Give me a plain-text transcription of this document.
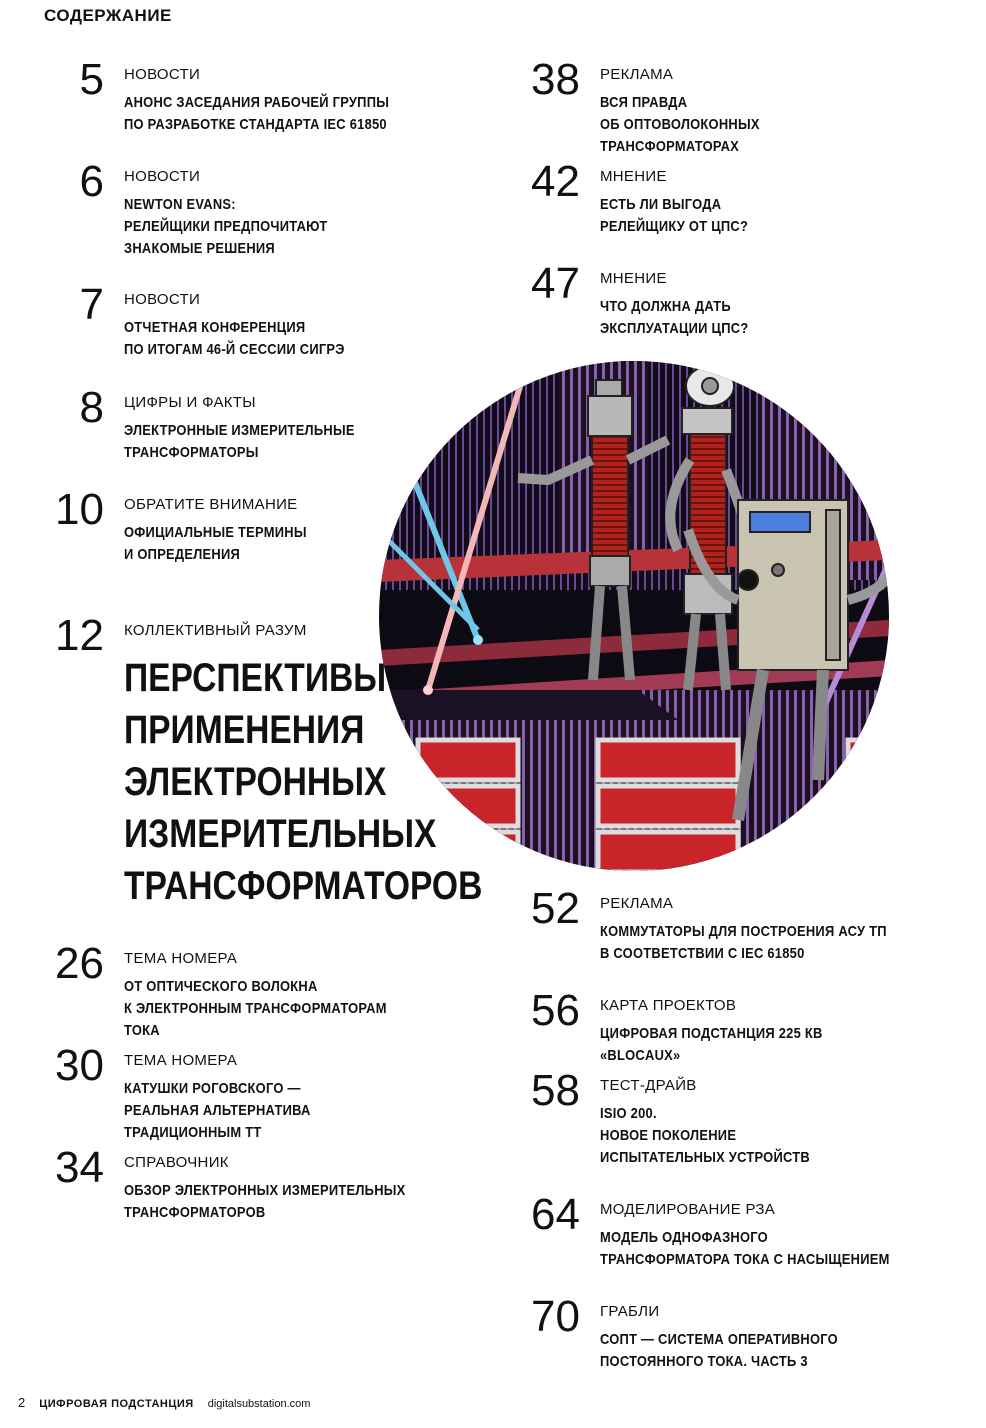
СОДЕРЖАНИЕ
5 НОВОСТИ
АНОНС ЗАСЕДАНИЯ РАБОЧЕЙ ГРУППЫ
ПО РАЗРАБОТКЕ СТАНДАРТА IEC 61850
6 НОВОСТИ
NEWTON EVANS:
РЕЛЕЙЩИКИ ПРЕДПОЧИТАЮТ
ЗНАКОМЫЕ РЕШЕНИЯ
7 НОВОСТИ
ОТЧЕТНАЯ КОНФЕРЕНЦИЯ
ПО ИТОГАМ 46-Й СЕССИИ СИГРЭ
8 ЦИФРЫ И ФАКТЫ
ЭЛЕКТРОННЫЕ ИЗМЕРИТЕЛЬНЫЕ
ТРАНСФОРМАТОРЫ
10 ОБРАТИТЕ ВНИМАНИЕ
ОФИЦИАЛЬНЫЕ ТЕРМИНЫ
И ОПРЕДЕЛЕНИЯ
12 КОЛЛЕКТИВНЫЙ РАЗУМ
ПЕРСПЕКТИВЫ
ПРИМЕНЕНИЯ
ЭЛЕКТРОННЫХ
ИЗМЕРИТЕЛЬНЫХ
ТРАНСФОРМАТОРОВ
26 ТЕМА НОМЕРА
ОТ ОПТИЧЕСКОГО ВОЛОКНА
К ЭЛЕКТРОННЫМ ТРАНСФОРМАТОРАМ ТОКА
30 ТЕМА НОМЕРА
КАТУШКИ РОГОВСКОГО —
РЕАЛЬНАЯ АЛЬТЕРНАТИВА ТРАДИЦИОННЫМ ТТ
34 СПРАВОЧНИК
ОБЗОР ЭЛЕКТРОННЫХ ИЗМЕРИТЕЛЬНЫХ
ТРАНСФОРМАТОРОВ
38 РЕКЛАМА
ВСЯ ПРАВДА
ОБ ОПТОВОЛОКОННЫХ ТРАНСФОРМАТОРАХ
42 МНЕНИЕ
ЕСТЬ ЛИ ВЫГОДА
РЕЛЕЙЩИКУ ОТ ЦПС?
47 МНЕНИЕ
ЧТО ДОЛЖНА ДАТЬ
ЭКСПЛУАТАЦИИ ЦПС?
52 РЕКЛАМА
КОММУТАТОРЫ ДЛЯ ПОСТРОЕНИЯ АСУ ТП
В СООТВЕТСТВИИ С IEC 61850
56 КАРТА ПРОЕКТОВ
ЦИФРОВАЯ ПОДСТАНЦИЯ 225 КВ «BLOCAUX»
58 ТЕСТ-ДРАЙВ
ISIO 200.
НОВОЕ ПОКОЛЕНИЕ
ИСПЫТАТЕЛЬНЫХ УСТРОЙСТВ
64 МОДЕЛИРОВАНИЕ РЗА
МОДЕЛЬ ОДНОФАЗНОГО
ТРАНСФОРМАТОРА ТОКА С НАСЫЩЕНИЕМ
70 ГРАБЛИ
СОПТ — СИСТЕМА ОПЕРАТИВНОГО
ПОСТОЯННОГО ТОКА. ЧАСТЬ 3
2 ЦИФРОВАЯ ПОДСТАНЦИЯ digitalsubstation.com
